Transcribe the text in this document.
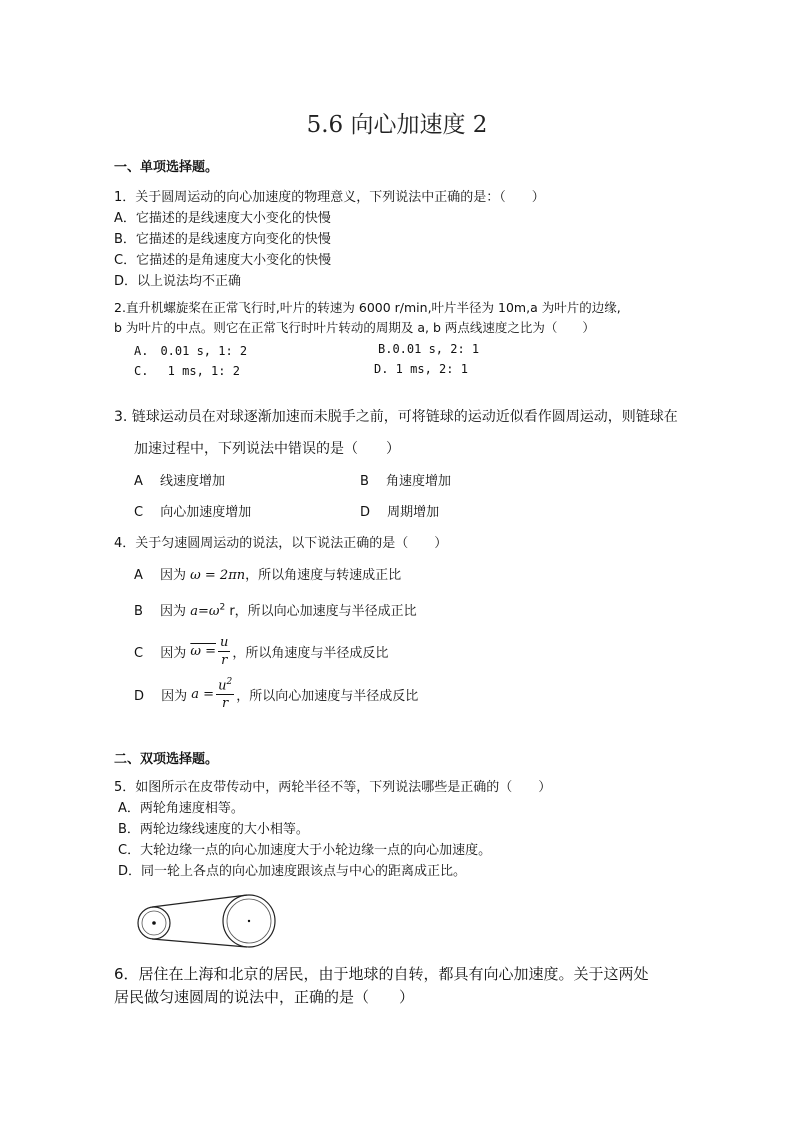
5.6 向心加速度 2
一、单项选择题。
1．关于圆周运动的向心加速度的物理意义，下列说法中正确的是：（　　）
A．它描述的是线速度大小变化的快慢
B．它描述的是线速度方向变化的快慢
C．它描述的是角速度大小变化的快慢
D．以上说法均不正确
2.直升机螺旋桨在正常飞行时,叶片的转速为 6000 r/min,叶片半径为 10m,a 为叶片的边缘,
b 为叶片的中点。则它在正常飞行时叶片转动的周期及 a, b 两点线速度之比为（　　）
A.　0.01 s, 1: 2	B.0.01 s, 2: 1
C.　 1 ms, 1: 2	D. 1 ms, 2: 1
3. 链球运动员在对球逐渐加速而未脱手之前，可将链球的运动近似看作圆周运动，则链球在
加速过程中，下列说法中错误的是（　　）
A　 线速度增加	B　 角速度增加
C　 向心加速度增加	D　 周期增加
4．关于匀速圆周运动的说法，以下说法正确的是（　　）
A　 因为 ω = 2πn，所以角速度与转速成正比
B　 因为 $a=\omega^2$ r，所以向心加速度与半径成正比
C　 因为
$\omega = \frac{u}{r}$ ，所以角速度与半径成反比
D　 因为
$a = \frac{u^2}{r}$ ，所以向心加速度与半径成反比
二、双项选择题。
5．如图所示在皮带传动中，两轮半径不等，下列说法哪些是正确的（　　）
A．两轮角速度相等。
B．两轮边缘线速度的大小相等。
C．大轮边缘一点的向心加速度大于小轮边缘一点的向心加速度。
D．同一轮上各点的向心加速度跟该点与中心的距离成正比。
6．居住在上海和北京的居民，由于地球的自转，都具有向心加速度。关于这两处
居民做匀速圆周的说法中，正确的是（　　）
